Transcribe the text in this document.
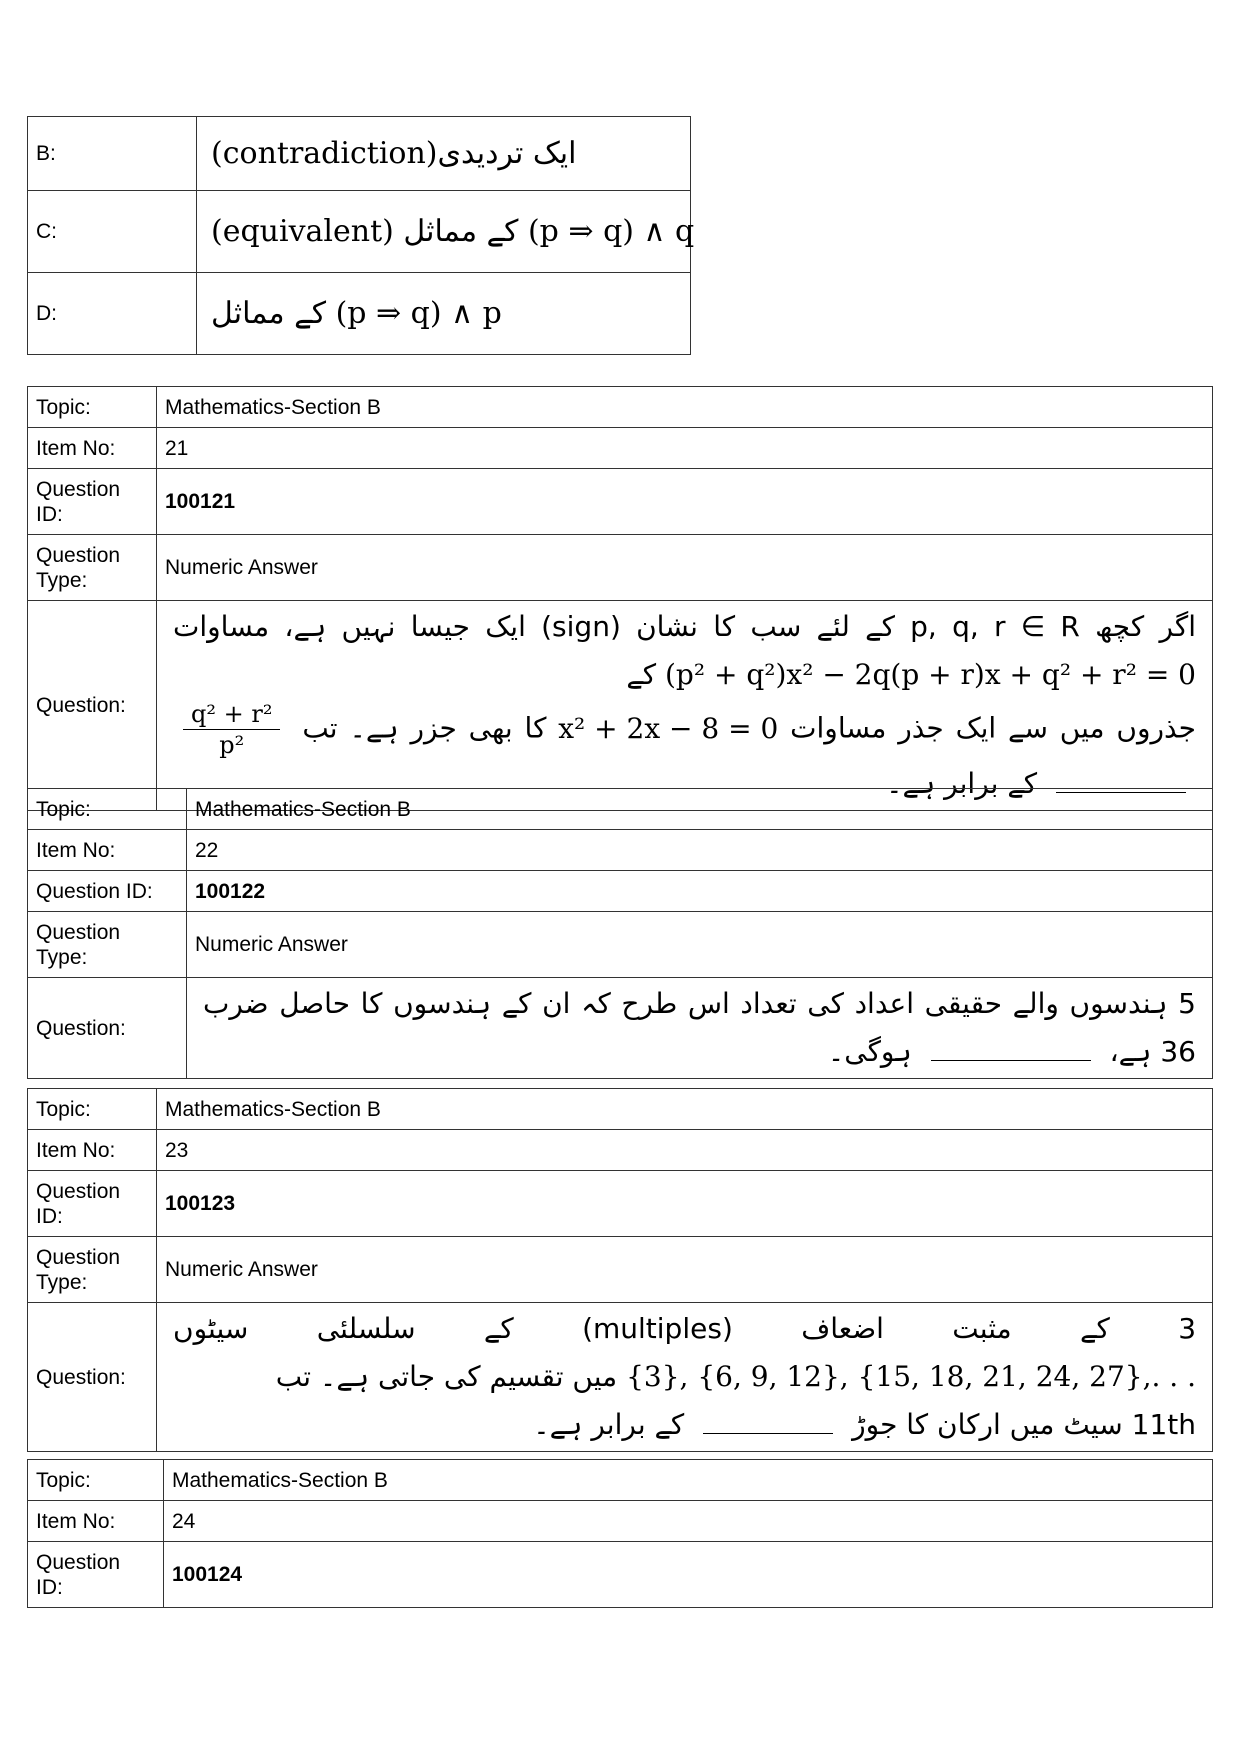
B:	(contradiction)ایک تردیدی
C:	(equivalent) کے مماثل (p ⇒ q) ∧ q
D:	کے مماثل (p ⇒ q) ∧ p
Topic:	Mathematics-Section B
Item No:	21
Question
ID:	100121
Question
Type:	Numeric Answer
Question:	اگر کچھ p, q, r ∈ R کے لئے سب کا نشان (sign) ایک جیسا نہیں ہے، مساوات (p² + q²)x² − 2q(p + r)x + q² + r² = 0 کے
جذروں میں سے ایک جذر مساوات x² + 2x − 8 = 0 کا بھی جزر ہے۔ تب
$\frac{\text{q² + r²}}{\text{p²}}$
کے برابر ہے۔
Topic:	Mathematics-Section B
Item No:	22
Question ID:	100122
Question
Type:	Numeric Answer
Question:	5 ہندسوں والے حقیقی اعداد کی تعداد اس طرح کہ ان کے ہندسوں کا حاصل ضرب 36 ہے،  ہوگی۔
Topic:	Mathematics-Section B
Item No:	23
Question
ID:	100123
Question
Type:	Numeric Answer
Question:	3 کے مثبت اضعاف (multiples) کے سلسلئی سیٹوں {3}, {6, 9, 12}, {15, 18, 21, 24, 27},. . . میں تقسیم کی جاتی ہے۔ تب
11th سیٹ میں ارکان کا جوڑ  کے برابر ہے۔
Topic:	Mathematics-Section B
Item No:	24
Question
ID:	100124
